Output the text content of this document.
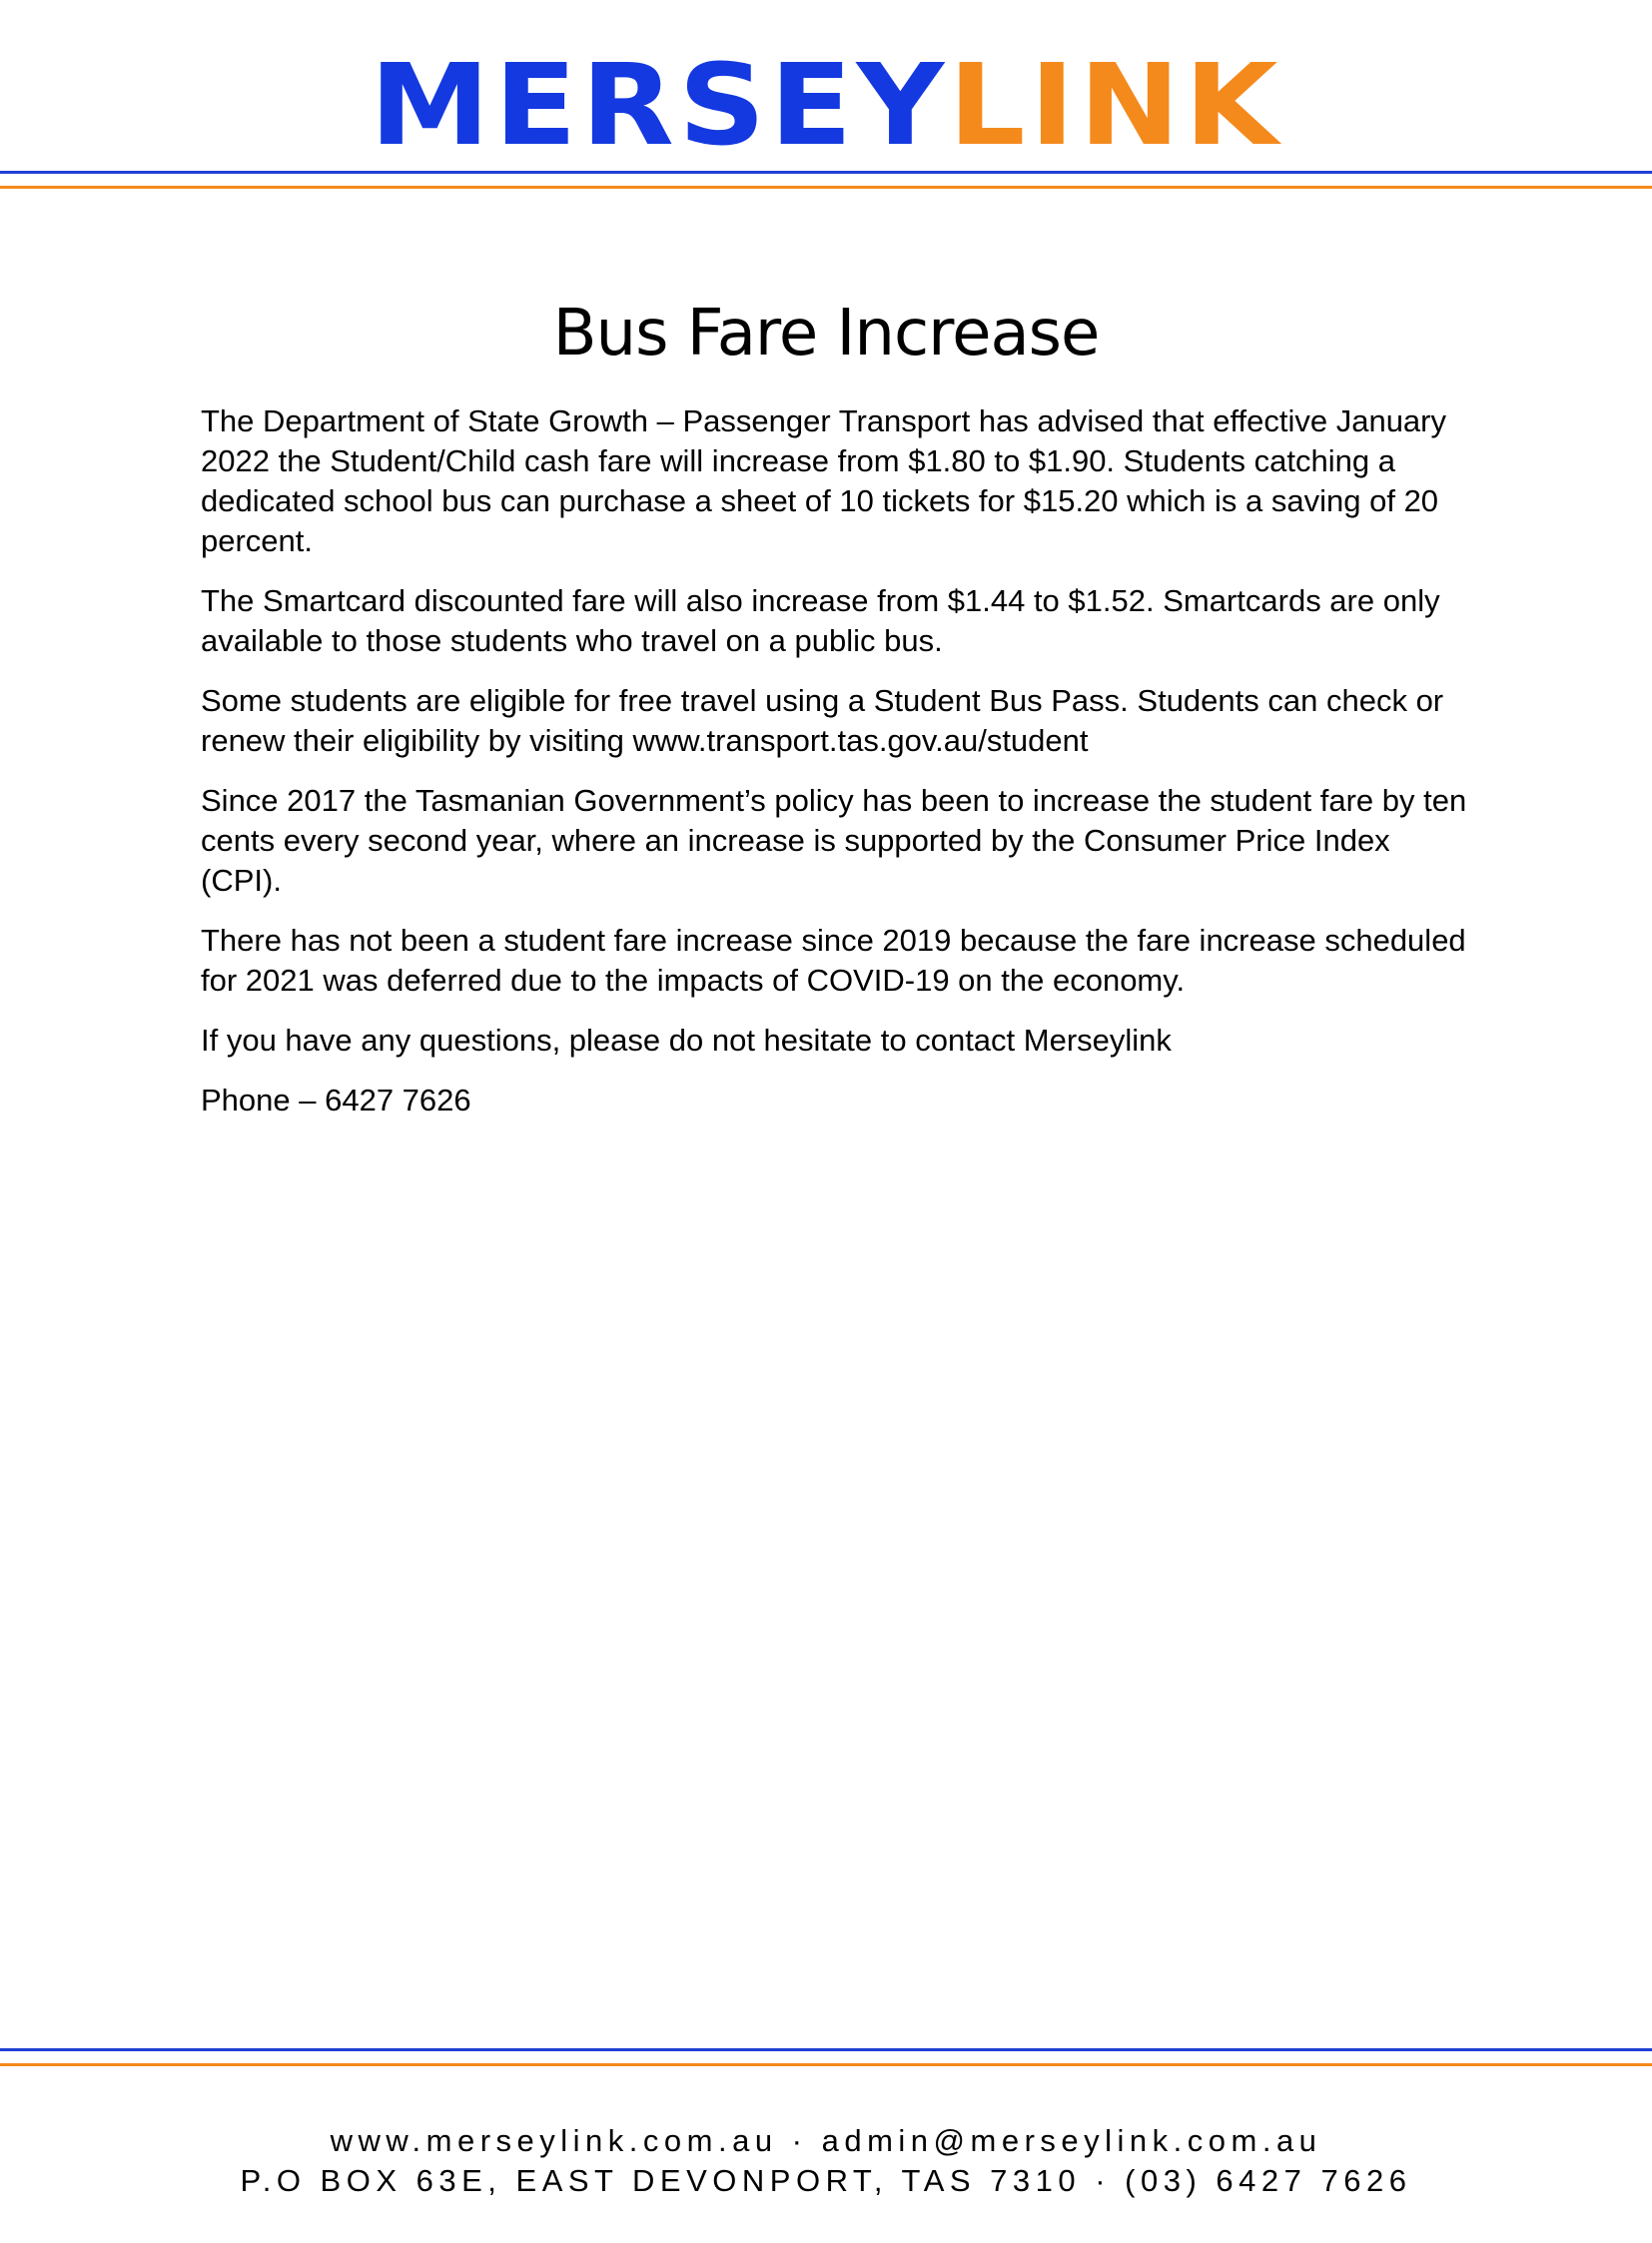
MERSEYLINK
Bus Fare Increase

The Department of State Growth – Passenger Transport has advised that effective January 2022 the Student/Child cash fare will increase from $1.80 to $1.90. Students catching a dedicated school bus can purchase a sheet of 10 tickets for $15.20 which is a saving of 20 percent.

The Smartcard discounted fare will also increase from $1.44 to $1.52. Smartcards are only available to those students who travel on a public bus.

Some students are eligible for free travel using a Student Bus Pass. Students can check or renew their eligibility by visiting www.transport.tas.gov.au/student

Since 2017 the Tasmanian Government’s policy has been to increase the student fare by ten cents every second year, where an increase is supported by the Consumer Price Index (CPI).

There has not been a student fare increase since 2019 because the fare increase scheduled for 2021 was deferred due to the impacts of COVID-19 on the economy.

If you have any questions, please do not hesitate to contact Merseylink

Phone – 6427 7626

www.merseylink.com.au · admin@merseylink.com.au
P.O BOX 63E, EAST DEVONPORT, TAS 7310 · (03) 6427 7626
